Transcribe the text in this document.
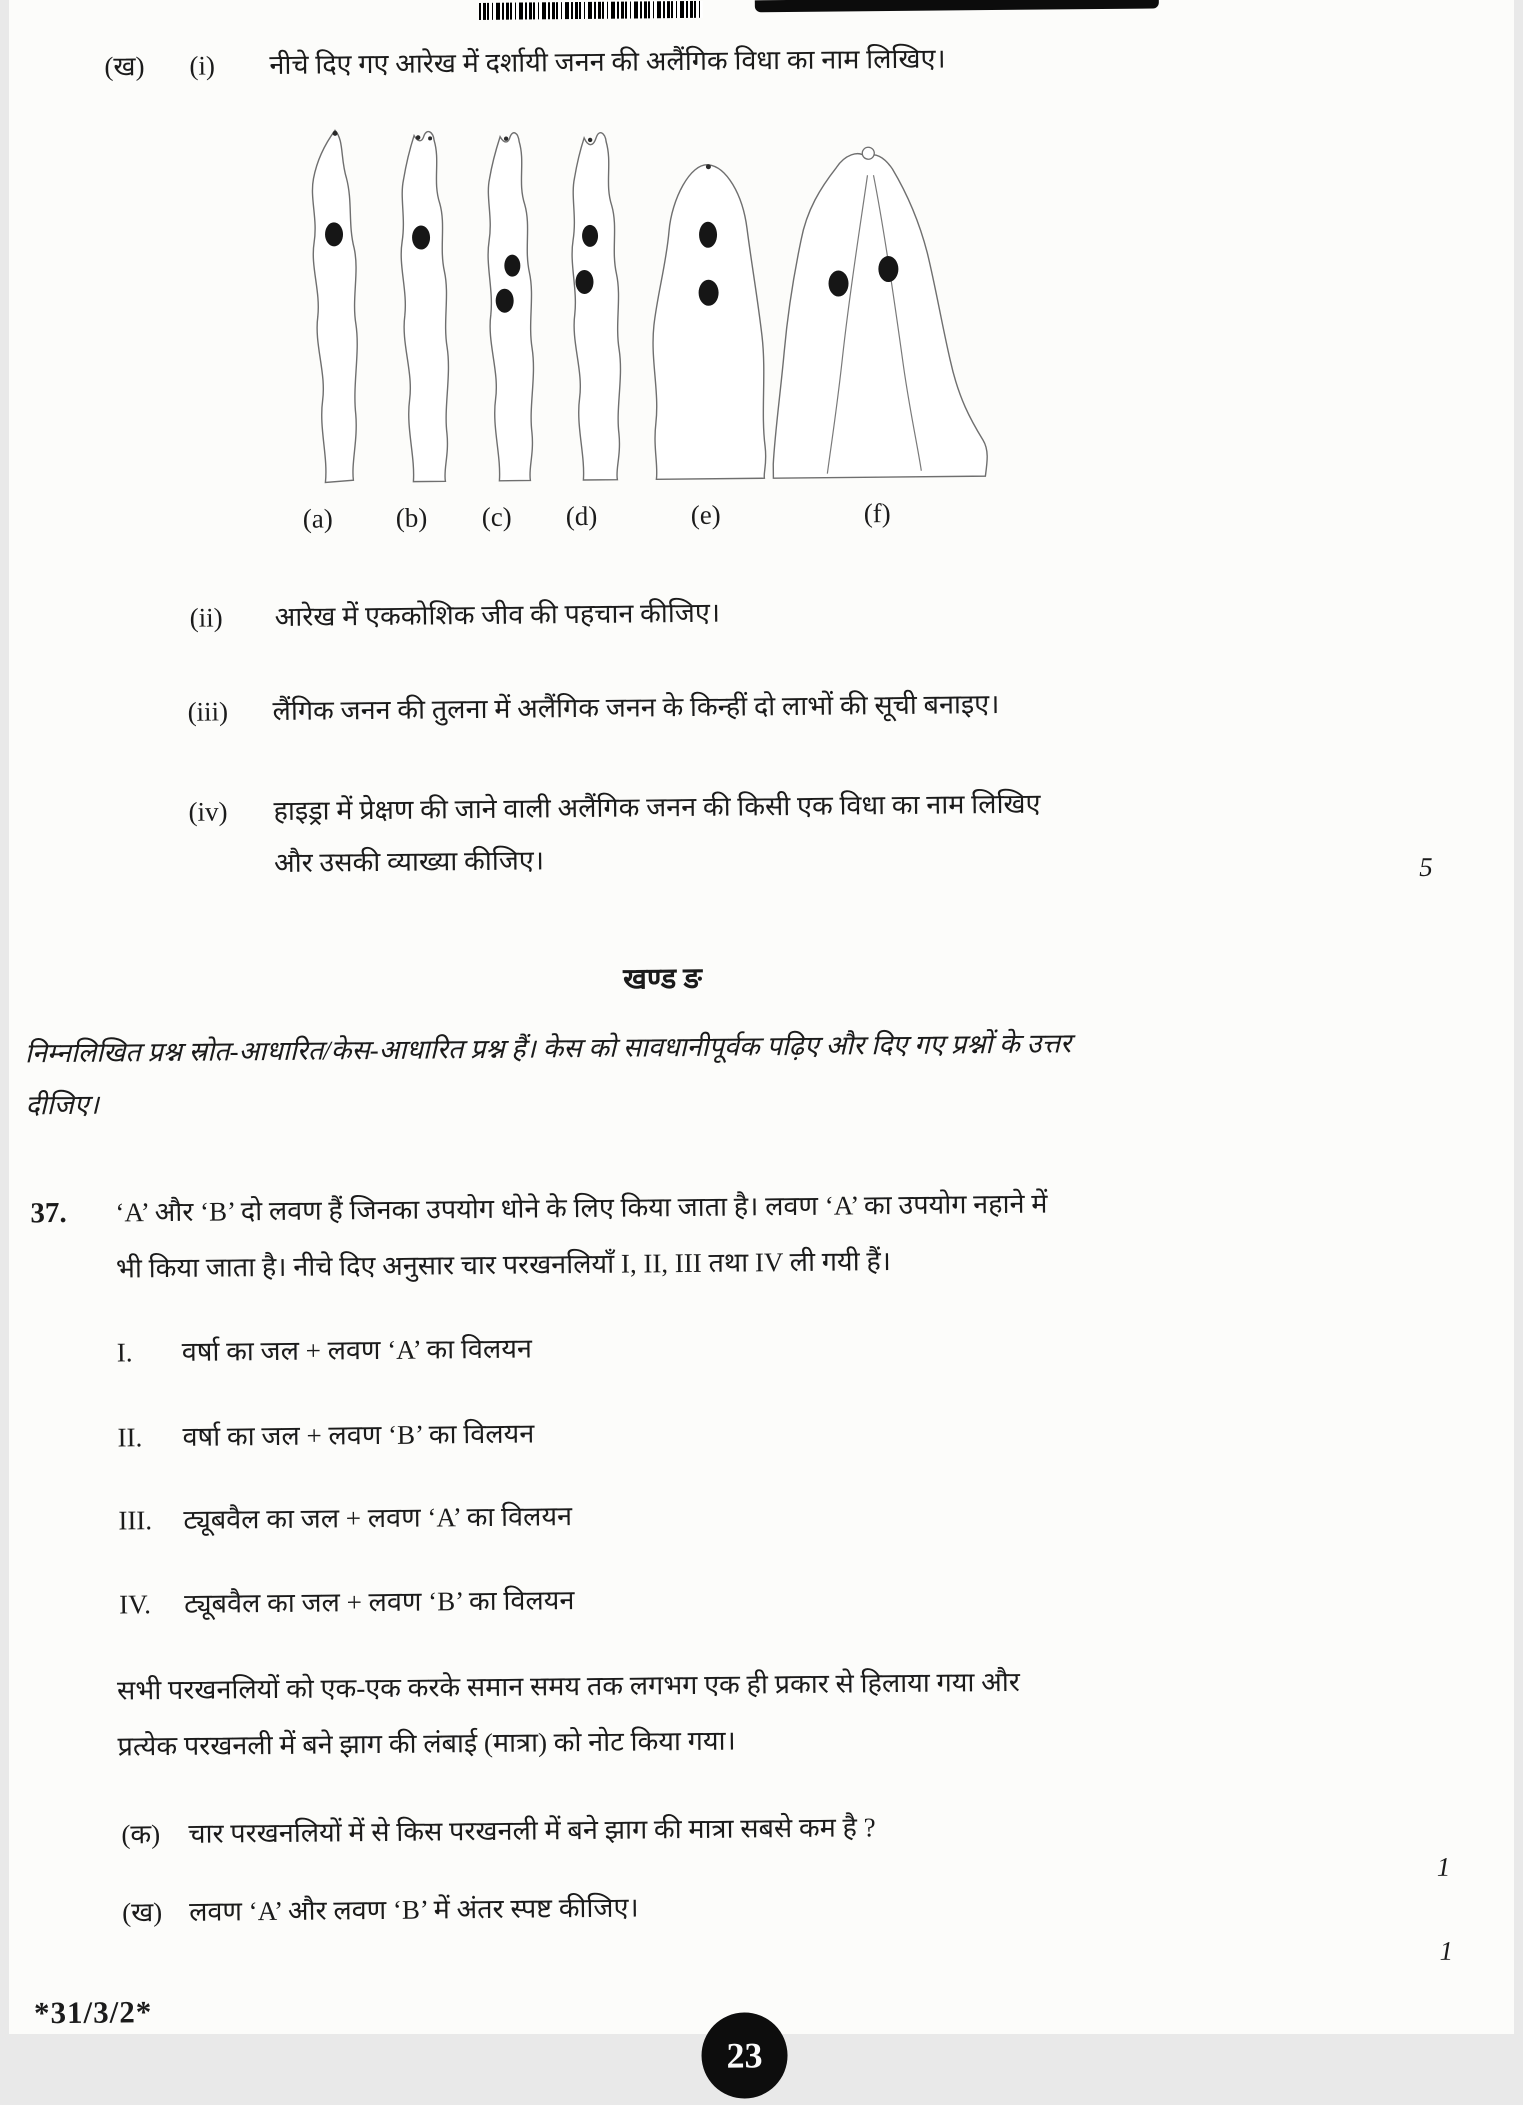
(ख) (i) नीचे दिए गए आरेख में दर्शायी जनन की अलैंगिक विधा का नाम लिखिए।
(a) (b) (c) (d)	(e)	(f)
(ii) आरेख में एककोशिक जीव की पहचान कीजिए।
(iii) लैंगिक जनन की तुलना में अलैंगिक जनन के किन्हीं दो लाभों की सूची बनाइए।
(iv) हाइड्रा में प्रेक्षण की जाने वाली अलैंगिक जनन की किसी एक विधा का नाम लिखिए
और उसकी व्याख्या कीजिए।	5
खण्ड ङ
निम्नलिखित प्रश्न स्रोत-आधारित/केस-आधारित प्रश्न हैं। केस को सावधानीपूर्वक पढ़िए और दिए गए प्रश्नों के उत्तर
दीजिए।
37. ‘A’ और ‘B’ दो लवण हैं जिनका उपयोग धोने के लिए किया जाता है। लवण ‘A’ का उपयोग नहाने में
भी किया जाता है। नीचे दिए अनुसार चार परखनलियाँ I, II, III तथा IV ली गयी हैं।
I. वर्षा का जल + लवण ‘A’ का विलयन
II. वर्षा का जल + लवण ‘B’ का विलयन
III. ट्यूबवैल का जल + लवण ‘A’ का विलयन
IV. ट्यूबवैल का जल + लवण ‘B’ का विलयन
सभी परखनलियों को एक-एक करके समान समय तक लगभग एक ही प्रकार से हिलाया गया और
प्रत्येक परखनली में बने झाग की लंबाई (मात्रा) को नोट किया गया।
(क) चार परखनलियों में से किस परखनली में बने झाग की मात्रा सबसे कम है ?
1
(ख) लवण ‘A’ और लवण ‘B’ में अंतर स्पष्ट कीजिए।
1
*31/3/2*
23
